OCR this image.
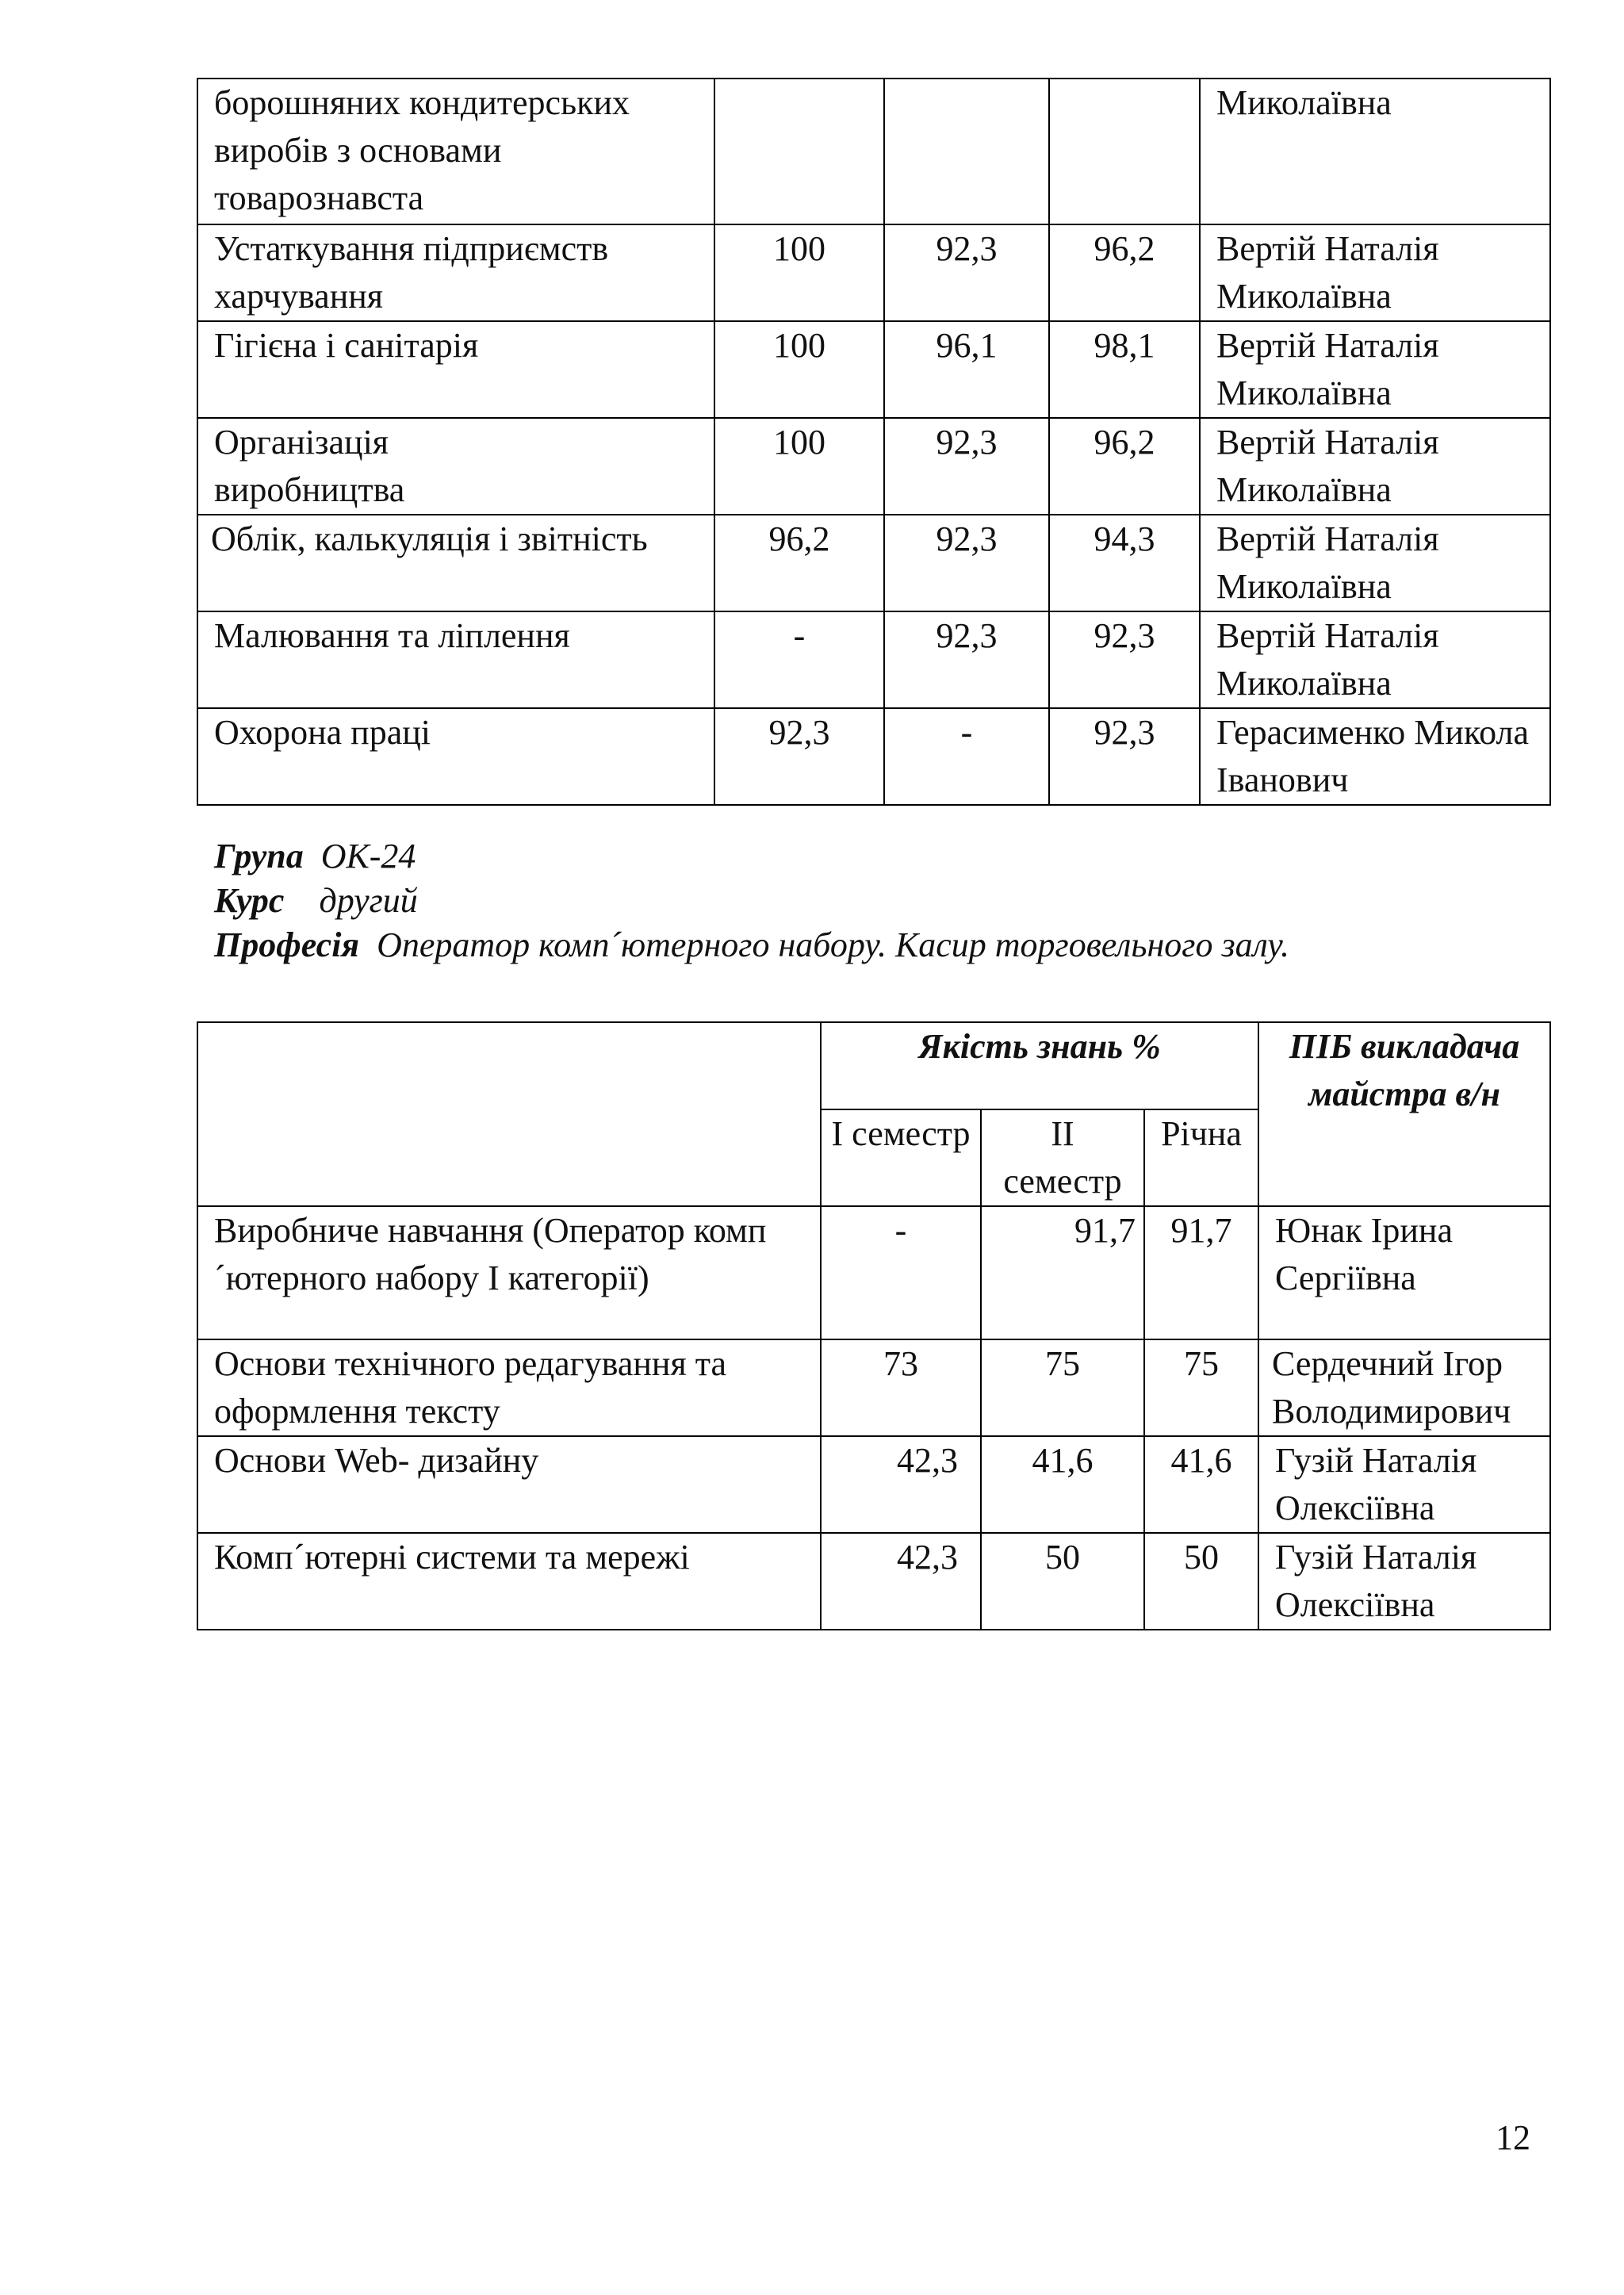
борошняних кондитерських виробів з основами товарознавста				Миколаївна
Устаткування підприємств харчування	100	92,3	96,2	Вертій Наталія Миколаївна
Гігієна і санітарія	100	96,1	98,1	Вертій Наталія Миколаївна
Організація виробництва	100	92,3	96,2	Вертій Наталія Миколаївна
Облік, калькуляція і звітність	96,2	92,3	94,3	Вертій Наталія Миколаївна
Малювання та ліплення	-	92,3	92,3	Вертій Наталія Миколаївна
Охорона праці	92,3	-	92,3	Герасименко Микола Іванович
Група ОК-24
Курс другий
Професія Оператор комп´ютерного набору. Касир торговельного залу.
	Якість знань %			ПІБ викладача майстра в/н
	І семестр	ІІ семестр	Річна	
Виробниче навчання (Оператор комп´ютерного набору І категорії)	-	91,7	91,7	Юнак Ірина Сергіївна
Основи технічного редагування та оформлення тексту	73	75	75	Сердечний Ігор Володимирович
Основи Web- дизайну	42,3	41,6	41,6	Гузій Наталія Олексіївна
Комп´ютерні системи та мережі	42,3	50	50	Гузій Наталія Олексіївна
12
